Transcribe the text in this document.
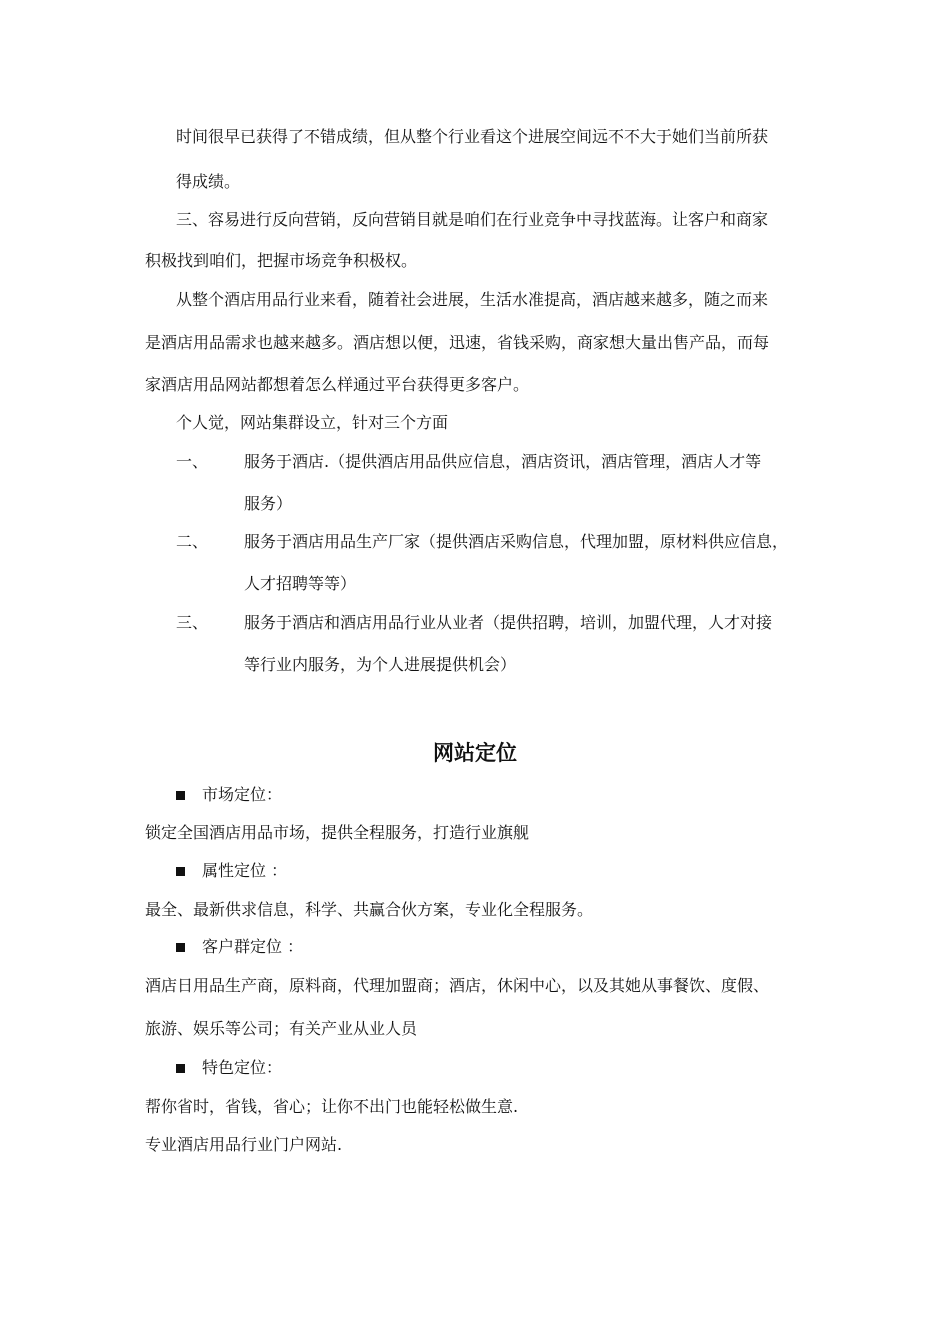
时间很早已获得了不错成绩，但从整个行业看这个进展空间远不不大于她们当前所获
得成绩。
三、容易进行反向营销，反向营销目就是咱们在行业竞争中寻找蓝海。让客户和商家
积极找到咱们，把握市场竞争积极权。
从整个酒店用品行业来看，随着社会进展，生活水准提高，酒店越来越多，随之而来
是酒店用品需求也越来越多。酒店想以便，迅速，省钱采购，商家想大量出售产品，而每
家酒店用品网站都想着怎么样通过平台获得更多客户。
个人觉，网站集群设立，针对三个方面
一、 服务于酒店.（提供酒店用品供应信息，酒店资讯，酒店管理，酒店人才等
服务）
二、 服务于酒店用品生产厂家（提供酒店采购信息，代理加盟，原材料供应信息，
人才招聘等等）
三、 服务于酒店和酒店用品行业从业者（提供招聘，培训，加盟代理，人才对接
等行业内服务，为个人进展提供机会）
网站定位
市场定位：
锁定全国酒店用品市场，提供全程服务，打造行业旗舰
属性定位 ：
最全、最新供求信息，科学、共赢合伙方案，专业化全程服务。
客户群定位 ：
酒店日用品生产商，原料商，代理加盟商；酒店，休闲中心，以及其她从事餐饮、度假、
旅游、娱乐等公司；有关产业从业人员
特色定位：
帮你省时，省钱，省心；让你不出门也能轻松做生意.
专业酒店用品行业门户网站.
